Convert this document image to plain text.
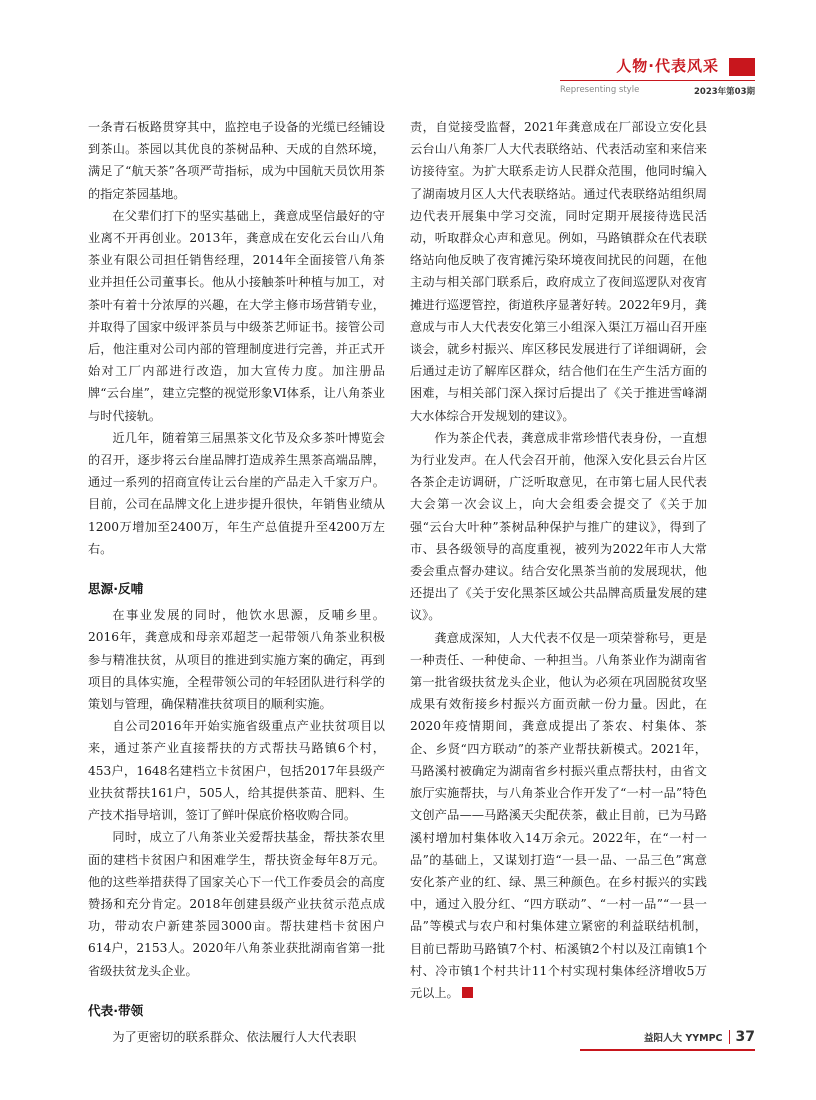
人物·代表风采
Representing style	2023年第03期

一条青石板路贯穿其中，监控电子设备的光缆已经铺设到茶山。茶园以其优良的茶树品种、天成的自然环境，满足了“航天茶”各项严苛指标，成为中国航天员饮用茶的指定茶园基地。

在父辈们打下的坚实基础上，龚意成坚信最好的守业离不开再创业。2013年，龚意成在安化云台山八角茶业有限公司担任销售经理，2014年全面接管八角茶业并担任公司董事长。他从小接触茶叶种植与加工，对茶叶有着十分浓厚的兴趣，在大学主修市场营销专业，并取得了国家中级评茶员与中级茶艺师证书。接管公司后，他注重对公司内部的管理制度进行完善，并正式开始对工厂内部进行改造，加大宣传力度。加注册品牌“云台崖”，建立完整的视觉形象VI体系，让八角茶业与时代接轨。

近几年，随着第三届黑茶文化节及众多茶叶博览会的召开，逐步将云台崖品牌打造成养生黑茶高端品牌，通过一系列的招商宣传让云台崖的产品走入千家万户。目前，公司在品牌文化上进步提升很快，年销售业绩从1200万增加至2400万，年生产总值提升至4200万左右。

思源·反哺

在事业发展的同时，他饮水思源，反哺乡里。2016年，龚意成和母亲邓超芝一起带领八角茶业积极参与精准扶贫，从项目的推进到实施方案的确定，再到项目的具体实施，全程带领公司的年轻团队进行科学的策划与管理，确保精准扶贫项目的顺利实施。

自公司2016年开始实施省级重点产业扶贫项目以来，通过茶产业直接帮扶的方式帮扶马路镇6个村，453户，1648名建档立卡贫困户，包括2017年县级产业扶贫帮扶161户，505人，给其提供茶苗、肥料、生产技术指导培训，签订了鲜叶保底价格收购合同。

同时，成立了八角茶业关爱帮扶基金，帮扶茶农里面的建档卡贫困户和困难学生，帮扶资金每年8万元。他的这些举措获得了国家关心下一代工作委员会的高度赞扬和充分肯定。2018年创建县级产业扶贫示范点成功，带动农户新建茶园3000亩。帮扶建档卡贫困户614户，2153人。2020年八角茶业获批湖南省第一批省级扶贫龙头企业。

代表·带领

为了更密切的联系群众、依法履行人大代表职

责，自觉接受监督，2021年龚意成在厂部设立安化县云台山八角茶厂人大代表联络站、代表活动室和来信来访接待室。为扩大联系走访人民群众范围，他同时编入了湖南坡月区人大代表联络站。通过代表联络站组织周边代表开展集中学习交流，同时定期开展接待选民活动，听取群众心声和意见。例如，马路镇群众在代表联络站向他反映了夜宵摊污染环境夜间扰民的问题，在他主动与相关部门联系后，政府成立了夜间巡逻队对夜宵摊进行巡逻管控，街道秩序显著好转。2022年9月，龚意成与市人大代表安化第三小组深入渠江万福山召开座谈会，就乡村振兴、库区移民发展进行了详细调研，会后通过走访了解库区群众，结合他们在生产生活方面的困难，与相关部门深入探讨后提出了《关于推进雪峰湖大水体综合开发规划的建议》。

作为茶企代表，龚意成非常珍惜代表身份，一直想为行业发声。在人代会召开前，他深入安化县云台片区各茶企走访调研，广泛听取意见，在市第七届人民代表大会第一次会议上，向大会组委会提交了《关于加强“云台大叶种”茶树品种保护与推广的建议》，得到了市、县各级领导的高度重视，被列为2022年市人大常委会重点督办建议。结合安化黑茶当前的发展现状，他还提出了《关于安化黑茶区域公共品牌高质量发展的建议》。

龚意成深知，人大代表不仅是一项荣誉称号，更是一种责任、一种使命、一种担当。八角茶业作为湖南省第一批省级扶贫龙头企业，他认为必须在巩固脱贫攻坚成果有效衔接乡村振兴方面贡献一份力量。因此，在2020年疫情期间，龚意成提出了茶农、村集体、茶企、乡贤“四方联动”的茶产业帮扶新模式。2021年，马路溪村被确定为湖南省乡村振兴重点帮扶村，由省文旅厅实施帮扶，与八角茶业合作开发了“一村一品”特色文创产品——马路溪天尖配茯茶，截止目前，已为马路溪村增加村集体收入14万余元。2022年，在“一村一品”的基础上，又谋划打造“一县一品、一品三色”寓意安化茶产业的红、绿、黑三种颜色。在乡村振兴的实践中，通过入股分红、“四方联动”、“一村一品”“一县一品”等模式与农户和村集体建立紧密的利益联结机制，目前已帮助马路镇7个村、柘溪镇2个村以及江南镇1个村、冷市镇1个村共计11个村实现村集体经济增收5万元以上。

益阳人大 YYMPC 37
